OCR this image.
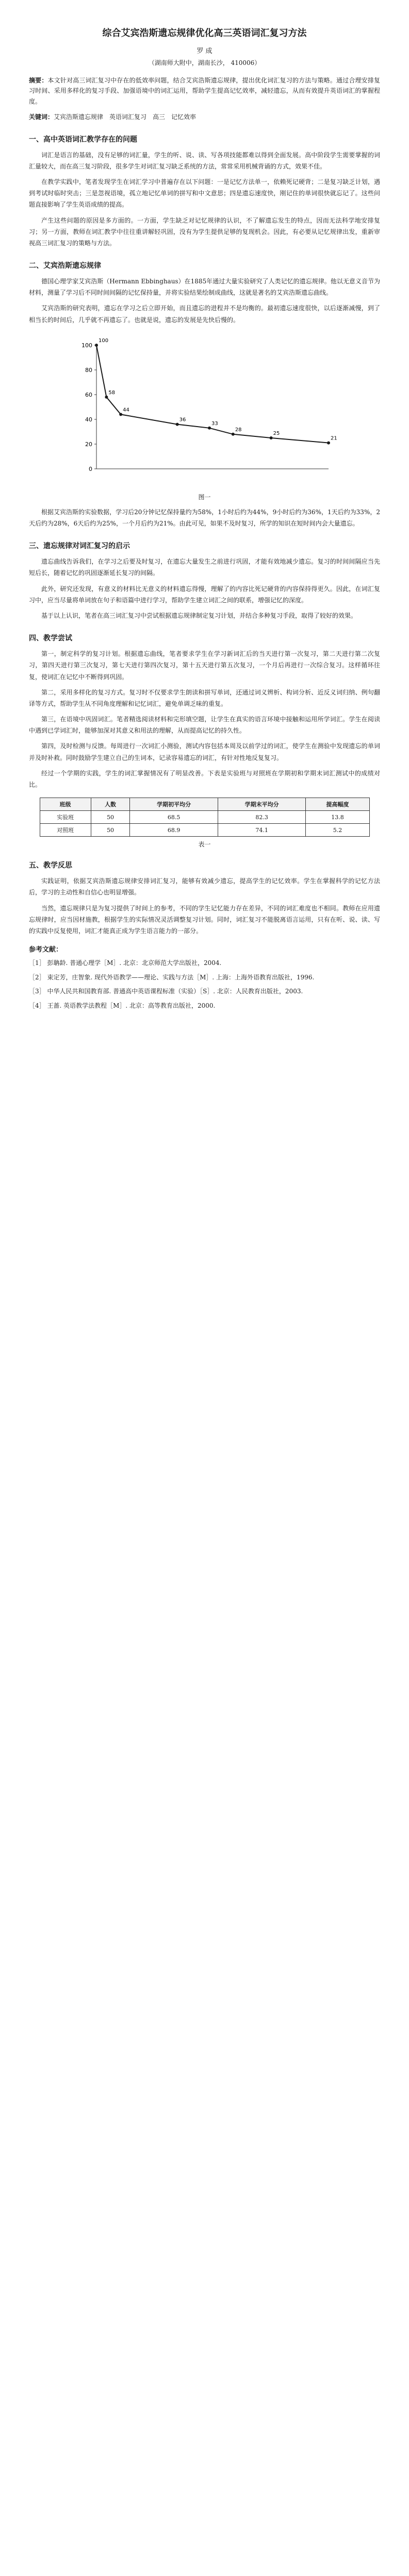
综合艾宾浩斯遗忘规律优化高三英语词汇复习方法
罗 成
（湖南师大附中，湖南长沙， 410006）
摘要：本文针对高三词汇复习中存在的低效率问题，结合艾宾浩斯遗忘规律，提出优化词汇复习的方法与策略。通过合理安排复习时间、采用多样化的复习手段、加强语境中的词汇运用，帮助学生提高记忆效率，减轻遗忘，从而有效提升英语词汇的掌握程度。
关键词：艾宾浩斯遗忘规律　英语词汇复习　高三　记忆效率
一、高中英语词汇教学存在的问题

词汇是语言的基础，没有足够的词汇量，学生的听、说、读、写各项技能都难以得到全面发展。高中阶段学生需要掌握的词汇量较大，而在高三复习阶段，很多学生对词汇复习缺乏系统的方法，常常采用机械背诵的方式，效果不佳。

在教学实践中，笔者发现学生在词汇学习中普遍存在以下问题：一是记忆方法单一，依赖死记硬背；二是复习缺乏计划，遇到考试时临时突击；三是忽视语境，孤立地记忆单词的拼写和中文意思；四是遗忘速度快，刚记住的单词很快就忘记了。这些问题直接影响了学生英语成绩的提高。

产生这些问题的原因是多方面的。一方面，学生缺乏对记忆规律的认识，不了解遗忘发生的特点，因而无法科学地安排复习；另一方面，教师在词汇教学中往往重讲解轻巩固，没有为学生提供足够的复现机会。因此，有必要从记忆规律出发，重新审视高三词汇复习的策略与方法。

二、艾宾浩斯遗忘规律

德国心理学家艾宾浩斯（Hermann Ebbinghaus）在1885年通过大量实验研究了人类记忆的遗忘规律。他以无意义音节为材料，测量了学习后不同时间间隔的记忆保持量，并将实验结果绘制成曲线，这就是著名的艾宾浩斯遗忘曲线。

艾宾浩斯的研究表明，遗忘在学习之后立即开始，而且遗忘的进程并不是均衡的。最初遗忘速度很快，以后逐渐减慢，到了相当长的时间后，几乎就不再遗忘了。也就是说，遗忘的发展是先快后慢的。

0
20
40
60
80
100
100
58
44
36
33
28
25
21
图一

根据艾宾浩斯的实验数据，学习后20分钟记忆保持量约为58%，1小时后约为44%，9小时后约为36%，1天后约为33%，2天后约为28%，6天后约为25%，一个月后约为21%。由此可见，如果不及时复习，所学的知识在短时间内会大量遗忘。

三、遗忘规律对词汇复习的启示

遗忘曲线告诉我们，在学习之后要及时复习，在遗忘大量发生之前进行巩固，才能有效地减少遗忘。复习的时间间隔应当先短后长，随着记忆的巩固逐渐延长复习的间隔。

此外，研究还发现，有意义的材料比无意义的材料遗忘得慢，理解了的内容比死记硬背的内容保持得更久。因此，在词汇复习中，应当尽量将单词放在句子和语篇中进行学习，帮助学生建立词汇之间的联系，增强记忆的深度。

基于以上认识，笔者在高三词汇复习中尝试根据遗忘规律制定复习计划，并结合多种复习手段，取得了较好的效果。

四、教学尝试

第一，制定科学的复习计划。根据遗忘曲线，笔者要求学生在学习新词汇后的当天进行第一次复习，第二天进行第二次复习，第四天进行第三次复习，第七天进行第四次复习，第十五天进行第五次复习，一个月后再进行一次综合复习。这样循环往复，使词汇在记忆中不断得到巩固。

第二，采用多样化的复习方式。复习时不仅要求学生朗读和拼写单词，还通过词义辨析、构词分析、近反义词归纳、例句翻译等方式，帮助学生从不同角度理解和记忆词汇，避免单调乏味的重复。

第三，在语境中巩固词汇。笔者精选阅读材料和完形填空题，让学生在真实的语言环境中接触和运用所学词汇。学生在阅读中遇到已学词汇时，能够加深对其意义和用法的理解，从而提高记忆的持久性。

第四，及时检测与反馈。每周进行一次词汇小测验，测试内容包括本周及以前学过的词汇，使学生在测验中发现遗忘的单词并及时补救。同时鼓励学生建立自己的生词本，记录容易遗忘的词汇，有针对性地反复复习。

经过一个学期的实践，学生的词汇掌握情况有了明显改善。下表是实验班与对照班在学期初和学期末词汇测试中的成绩对比。

班级	人数	学期初平均分	学期末平均分	提高幅度
实验班	50	68.5	82.3	13.8
对照班	50	68.9	74.1	5.2
表一
五、教学反思

实践证明，依据艾宾浩斯遗忘规律安排词汇复习，能够有效减少遗忘，提高学生的记忆效率。学生在掌握科学的记忆方法后，学习的主动性和自信心也明显增强。

当然，遗忘规律只是为复习提供了时间上的参考，不同的学生记忆能力存在差异，不同的词汇难度也不相同。教师在应用遗忘规律时，应当因材施教，根据学生的实际情况灵活调整复习计划。同时，词汇复习不能脱离语言运用，只有在听、说、读、写的实践中反复使用，词汇才能真正成为学生语言能力的一部分。

参考文献：
［1］ 彭聃龄. 普通心理学［M］. 北京：北京师范大学出版社，2004.
［2］ 束定芳，庄智象. 现代外语教学——理论、实践与方法［M］. 上海：上海外语教育出版社，1996.
［3］ 中华人民共和国教育部. 普通高中英语课程标准（实验）［S］. 北京：人民教育出版社，2003.
［4］ 王蔷. 英语教学法教程［M］. 北京：高等教育出版社，2000.
